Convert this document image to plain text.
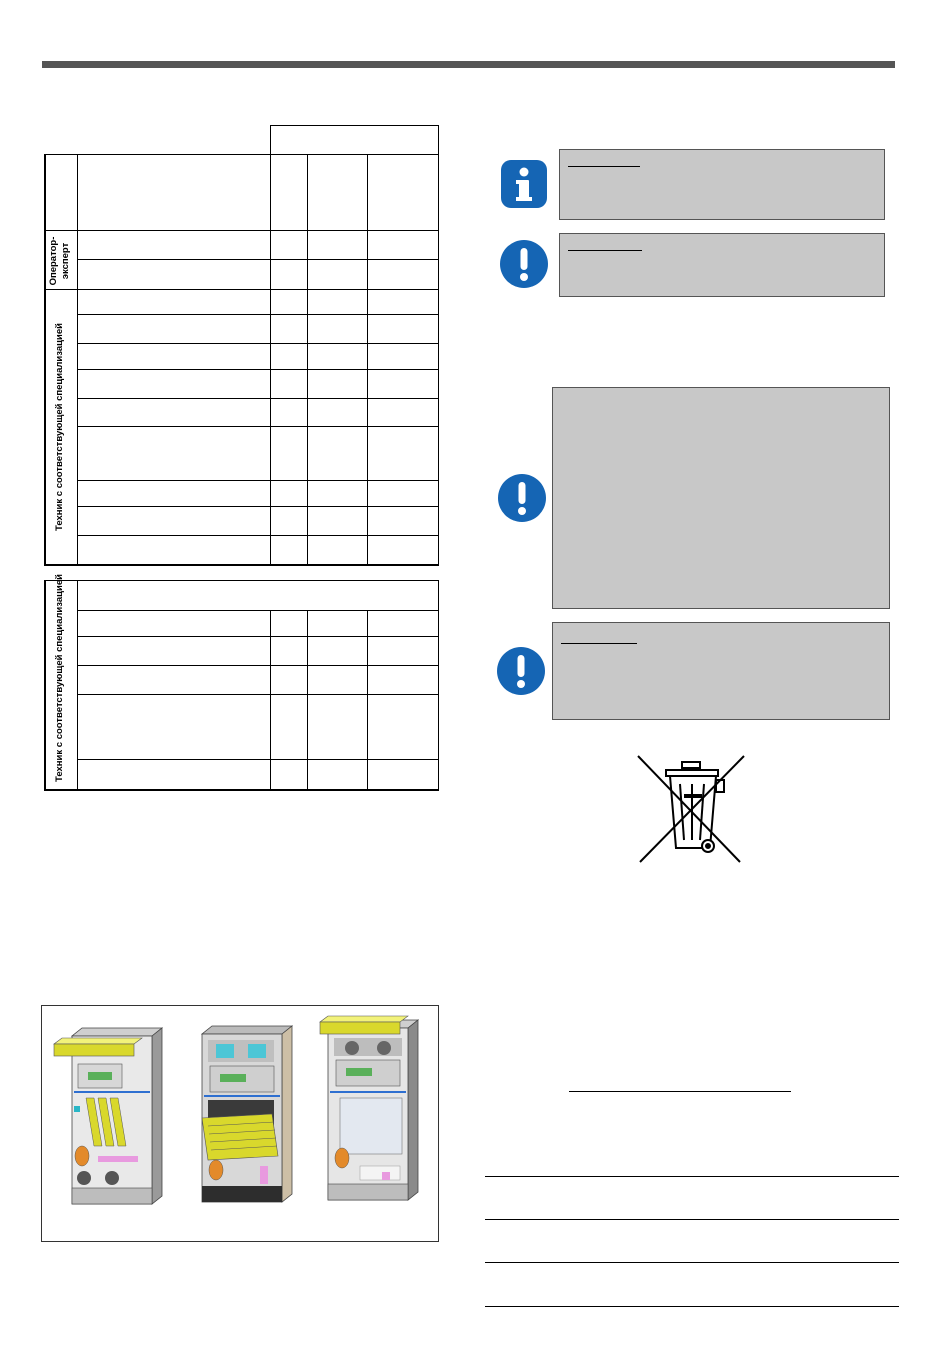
Оператор-
эксперт
Техник с соответствующей специализацией
Техник с соответствующей специализацией
